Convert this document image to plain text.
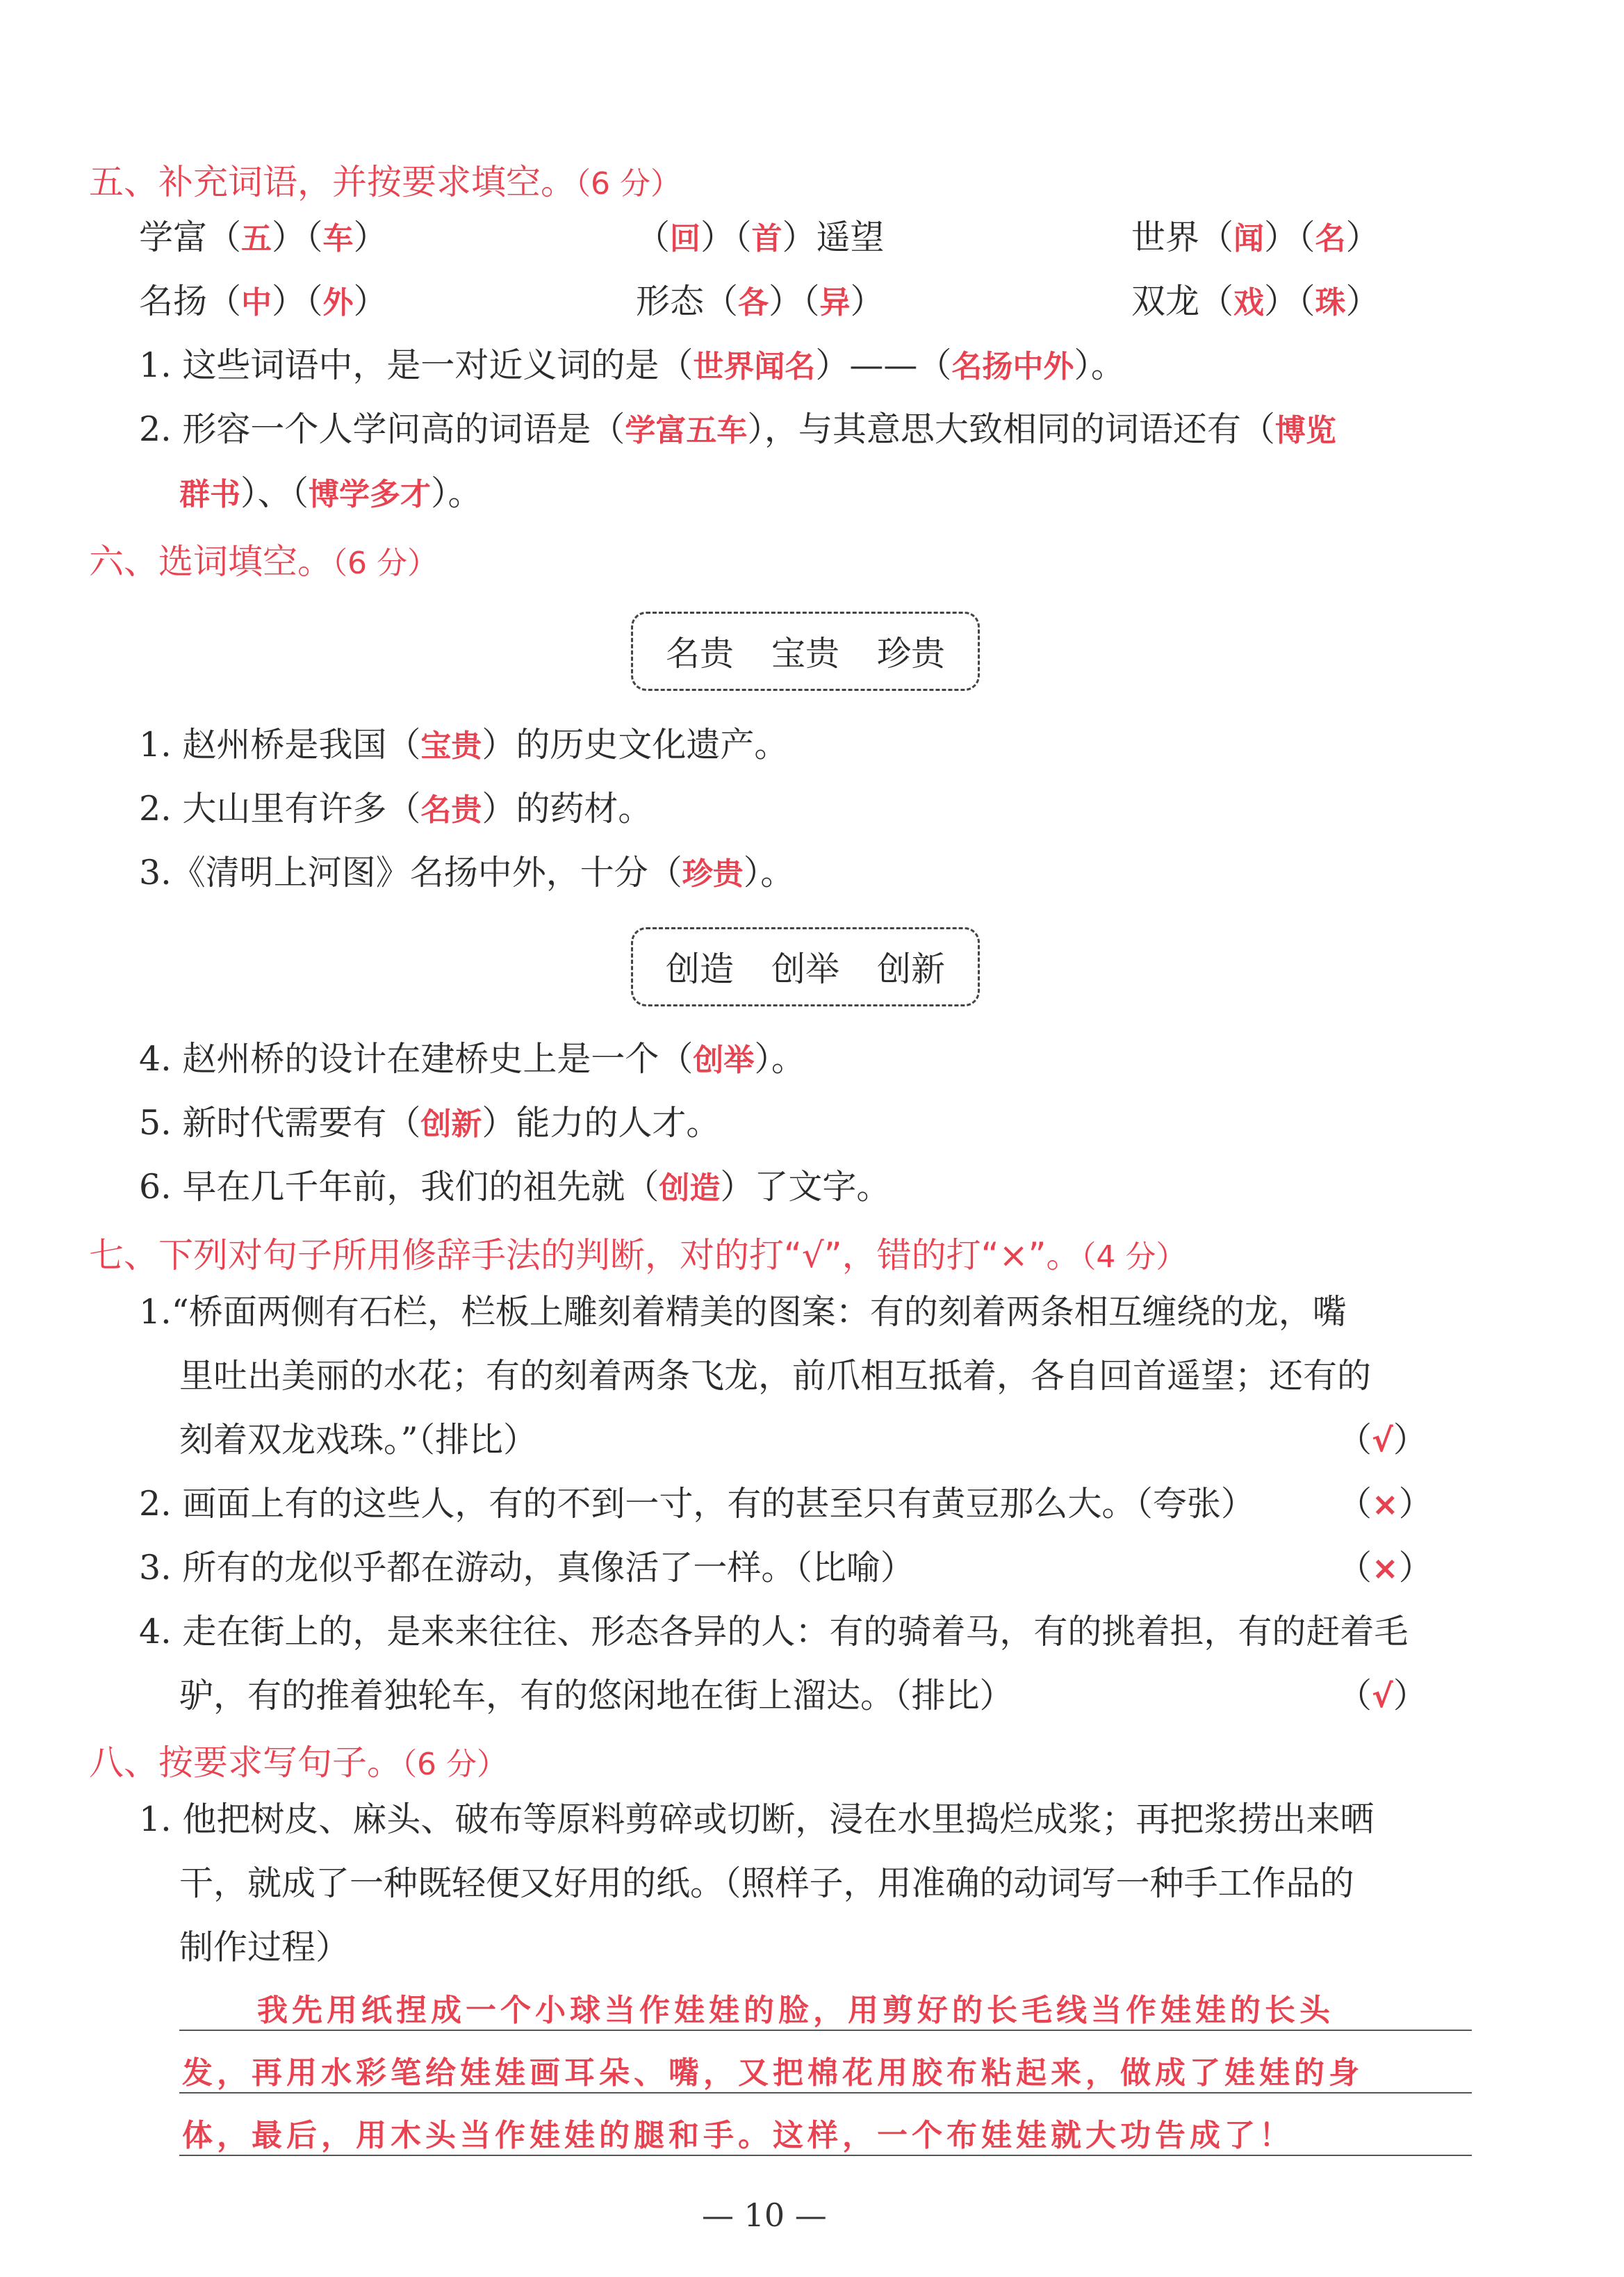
五、补充词语，并按要求填空。（6 分）
学富（五）（车）	（回）（首）遥望	世界（闻）（名）
名扬（中）（外）	形态（各）（异）	双龙（戏）（珠）
1. 这些词语中，是一对近义词的是（世界闻名）——（名扬中外）。
2. 形容一个人学问高的词语是（学富五车），与其意思大致相同的词语还有（博览
群书）、（博学多才）。
六、选词填空。（6 分）
名贵 宝贵 珍贵
1. 赵州桥是我国（宝贵）的历史文化遗产。
2. 大山里有许多（名贵）的药材。
3.《清明上河图》名扬中外，十分（珍贵）。
创造 创举 创新
4. 赵州桥的设计在建桥史上是一个（创举）。
5. 新时代需要有（创新）能力的人才。
6. 早在几千年前，我们的祖先就（创造）了文字。
七、下列对句子所用修辞手法的判断，对的打“√”，错的打“×”。（4 分）
1.“桥面两侧有石栏，栏板上雕刻着精美的图案：有的刻着两条相互缠绕的龙，嘴
里吐出美丽的水花；有的刻着两条飞龙，前爪相互抵着，各自回首遥望；还有的
刻着双龙戏珠。”（排比）	（√）
2. 画面上有的这些人，有的不到一寸，有的甚至只有黄豆那么大。（夸张） （×）
3. 所有的龙似乎都在游动，真像活了一样。（比喻）	（×）
4. 走在街上的，是来来往往、形态各异的人：有的骑着马，有的挑着担，有的赶着毛
驴，有的推着独轮车，有的悠闲地在街上溜达。（排比）	（√）
八、按要求写句子。（6 分）
1. 他把树皮、麻头、破布等原料剪碎或切断，浸在水里捣烂成浆；再把浆捞出来晒
干，就成了一种既轻便又好用的纸。（照样子，用准确的动词写一种手工作品的
制作过程）
我先用纸捏成一个小球当作娃娃的脸，用剪好的长毛线当作娃娃的长头
发，再用水彩笔给娃娃画耳朵、嘴，又把棉花用胶布粘起来，做成了娃娃的身
体，最后，用木头当作娃娃的腿和手。这样，一个布娃娃就大功告成了！
— 10 —
